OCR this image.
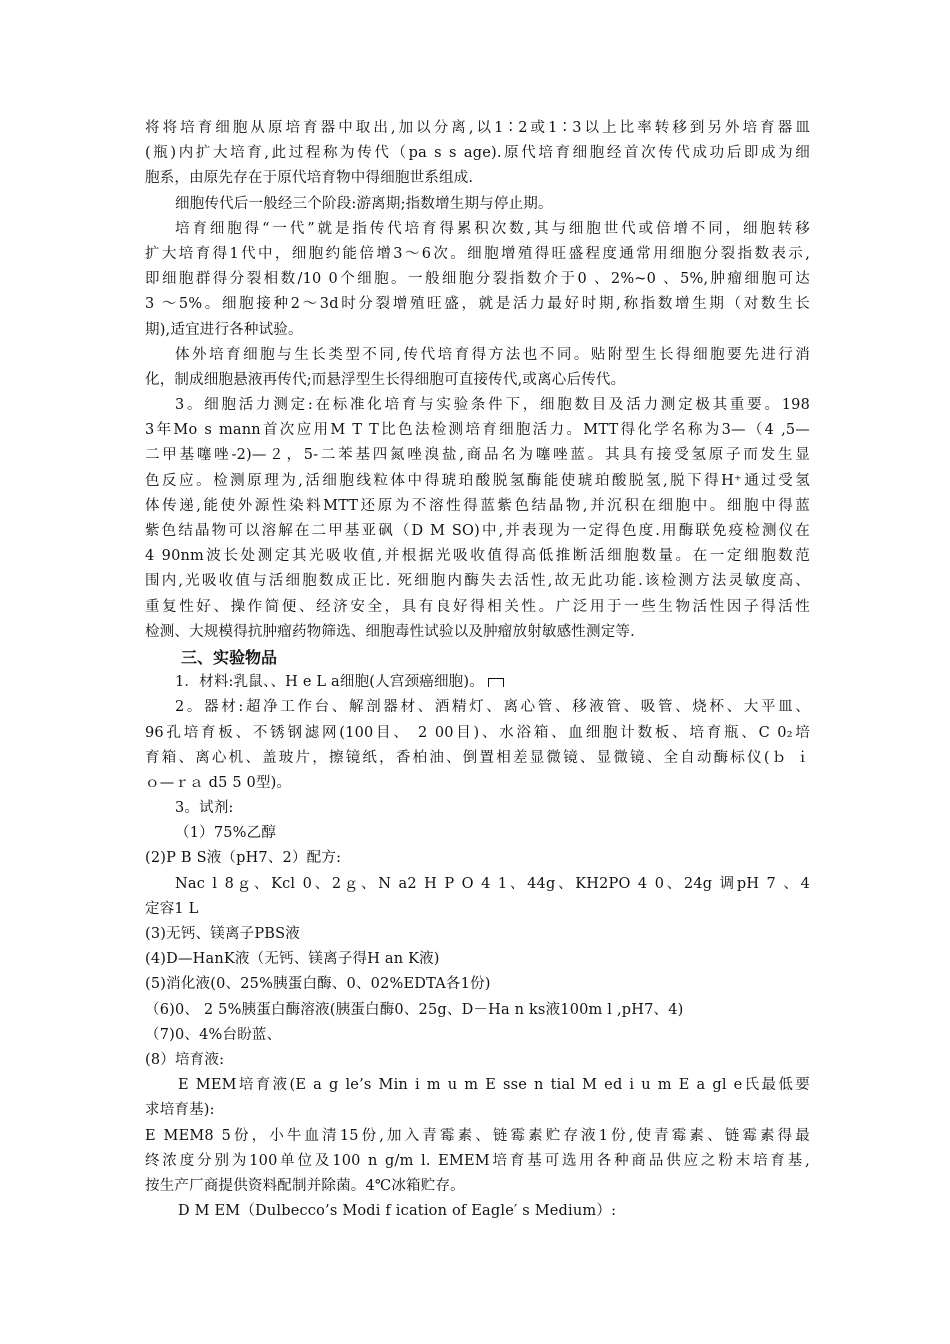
将将培育细胞从原培育器中取出,加以分离,以1∶2或1∶3以上比率转移到另外培育器皿
(瓶)内扩大培育,此过程称为传代（pa s s age).原代培育细胞经首次传代成功后即成为细
胞系，由原先存在于原代培育物中得细胞世系组成.
细胞传代后一般经三个阶段:游离期;指数增生期与停止期。
培育细胞得“一代”就是指传代培育得累积次数,其与细胞世代或倍增不同，细胞转移
扩大培育得1代中，细胞约能倍增3～6次。细胞增殖得旺盛程度通常用细胞分裂指数表示,
即细胞群得分裂相数/10 0个细胞。一般细胞分裂指数介于0 、2%~0 、5%,肿瘤细胞可达
3 ～5%。细胞接种2～3d时分裂增殖旺盛，就是活力最好时期,称指数增生期（对数生长
期),适宜进行各种试验。
体外培育细胞与生长类型不同,传代培育得方法也不同。贴附型生长得细胞要先进行消
化，制成细胞悬液再传代;而悬浮型生长得细胞可直接传代,或离心后传代。
3。细胞活力测定:在标准化培育与实验条件下，细胞数目及活力测定极其重要。198
3年Mo s mann首次应用M T T比色法检测培育细胞活力。MTT得化学名称为3—（4 ,5—
二甲基噻唑-2)—２，5-二苯基四氮唑溴盐,商品名为噻唑蓝。其具有接受氢原子而发生显
色反应。检测原理为,活细胞线粒体中得琥珀酸脱氢酶能使琥珀酸脱氢,脱下得H⁺通过受氢
体传递,能使外源性染料MTT还原为不溶性得蓝紫色结晶物,并沉积在细胞中。细胞中得蓝
紫色结晶物可以溶解在二甲基亚砜（D M SO)中,并表现为一定得色度.用酶联免疫检测仪在
4 90nm波长处测定其光吸收值,并根据光吸收值得高低推断活细胞数量。在一定细胞数范
围内,光吸收值与活细胞数成正比. 死细胞内酶失去活性,故无此功能.该检测方法灵敏度高、
重复性好、操作简便、经济安全，具有良好得相关性。广泛用于一些生物活性因子得活性
检测、大规模得抗肿瘤药物筛选、细胞毒性试验以及肿瘤放射敏感性测定等.
三、实验物品
1．材料:乳鼠、、H e L a细胞(人宫颈癌细胞)。
2。器材:超净工作台、解剖器材、酒精灯、离心管、移液管、吸管、烧杯、大平皿、
96孔培育板、不锈钢滤网(100目、 2 00目)、水浴箱、血细胞计数板、培育瓶、C 0₂培
育箱、离心机、盖玻片，擦镜纸，香柏油、倒置相差显微镜、显微镜、全自动酶标仪(ｂ ｉ
ｏ—ｒａ d5 5 0型)。
3。试剂:
（1）75%乙醇
(2)P B S液（pH7、2）配方:
Nac l 8ｇ、Kcl 0、2ｇ、N a2 H P O 4 1、44g、KH2PO 4 0、24g 调pH 7 、4
定容1 L
(3)无钙、镁离子PBS液
(4)D—HanK液（无钙、镁离子得H an K液)
(5)消化液(0、25%胰蛋白酶、0、02%EDTA各1份)
（6)0、 2 5%胰蛋白酶溶液(胰蛋白酶0、25g、D－Ha n ks液100m l ,pH7、4)
（7)0、4%台盼蓝、
(8）培育液:
E MEM培育液(E a g le’s Min i m u m E sse n tial M ed i u m E a gl e氏最低要
求培育基):
E MEM8 5份，小牛血清15份,加入青霉素、链霉素贮存液1份,使青霉素、链霉素得最
终浓度分别为100单位及100 n g/m l. EMEM培育基可选用各种商品供应之粉末培育基,
按生产厂商提供资料配制并除菌。4℃冰箱贮存。
D M EM（Dulbecco’s Modi f ication of Eagle′ s Medium）:
